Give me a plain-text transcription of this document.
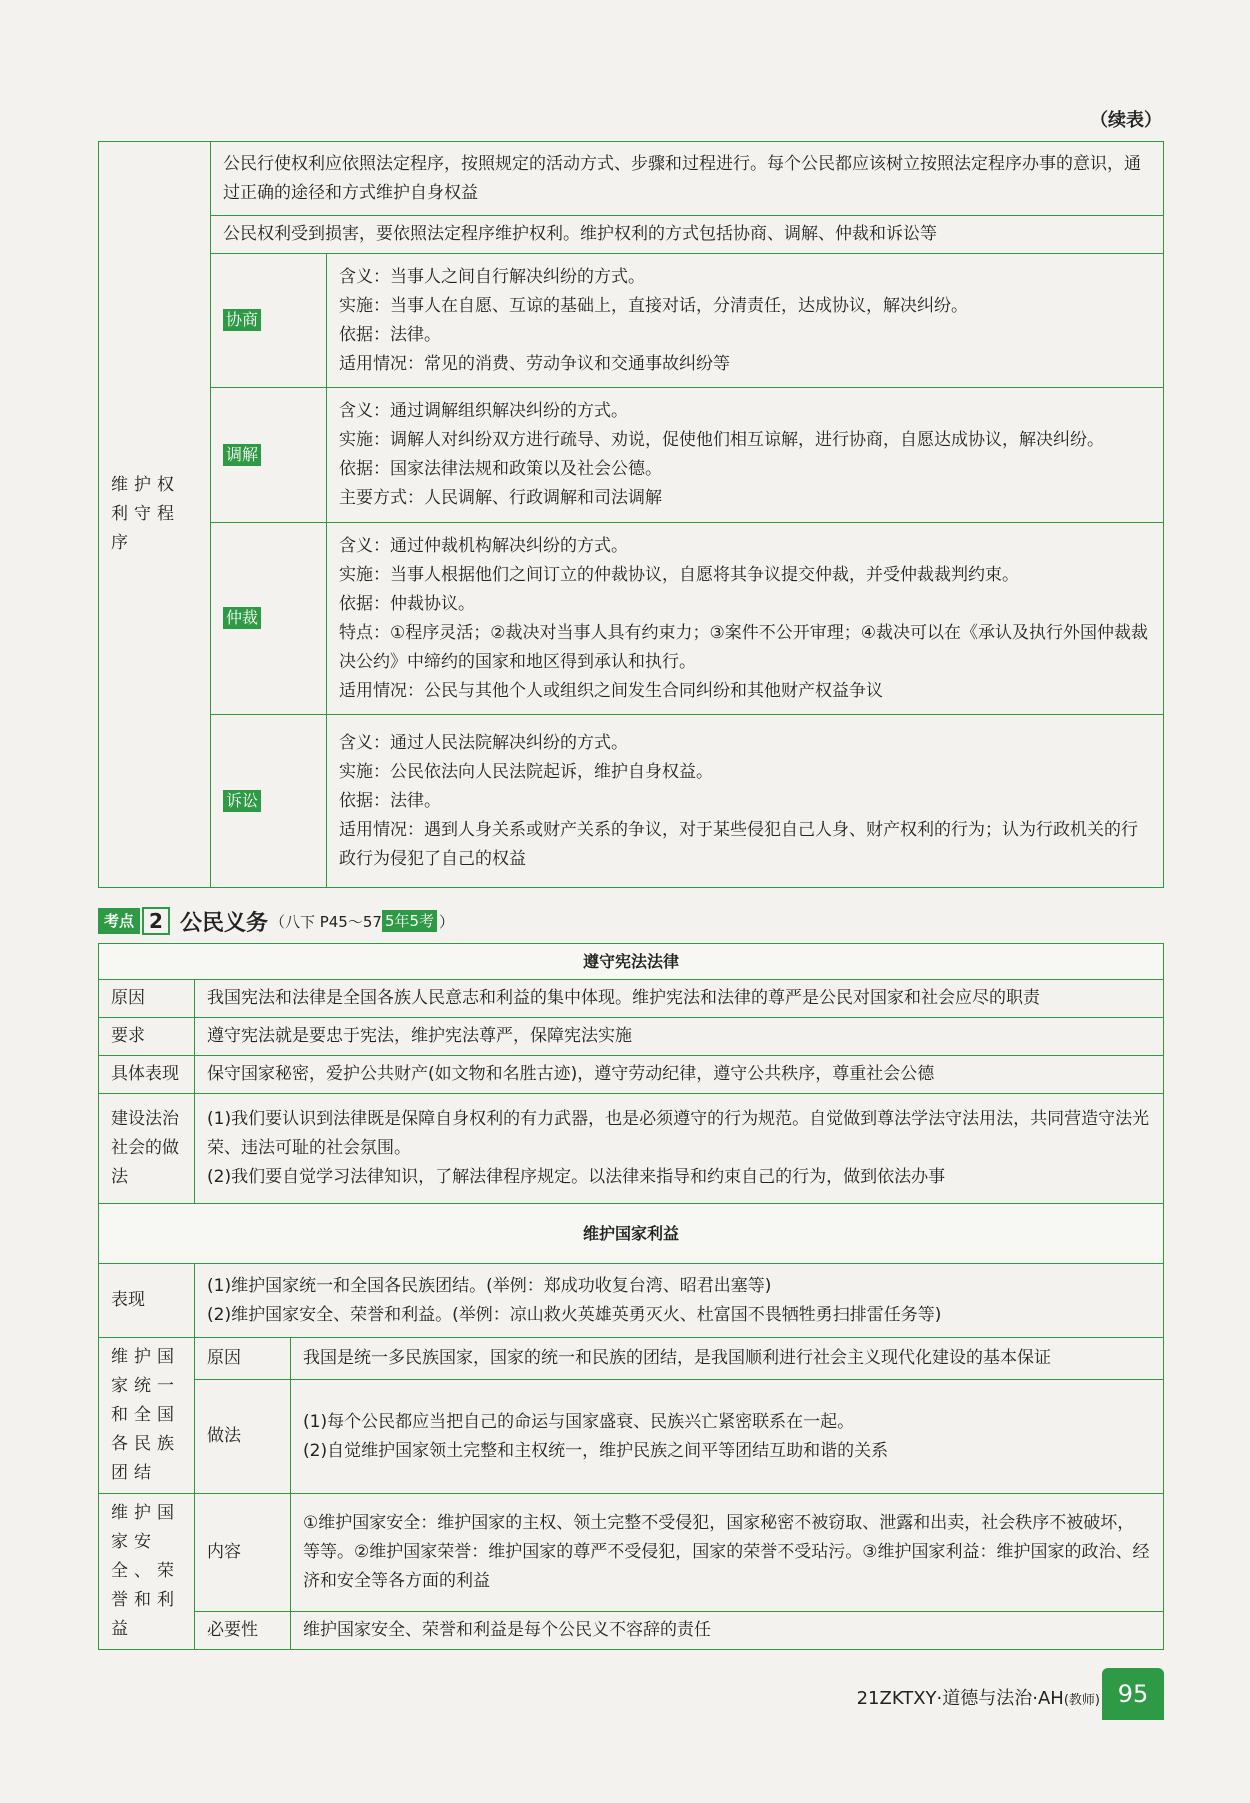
（续表）
维护权利守程序	公民行使权利应依照法定程序，按照规定的活动方式、步骤和过程进行。每个公民都应该树立按照法定程序办事的意识，通过正确的途径和方式维护自身权益	
	公民权利受到损害，要依照法定程序维护权利。维护权利的方式包括协商、调解、仲裁和诉讼等	
	协商	含义：当事人之间自行解决纠纷的方式。
实施：当事人在自愿、互谅的基础上，直接对话，分清责任，达成协议，解决纠纷。
依据：法律。
适用情况：常见的消费、劳动争议和交通事故纠纷等

	调解	含义：通过调解组织解决纠纷的方式。
实施：调解人对纠纷双方进行疏导、劝说，促使他们相互谅解，进行协商，自愿达成协议，解决纠纷。
依据：国家法律法规和政策以及社会公德。
主要方式：人民调解、行政调解和司法调解

	仲裁	含义：通过仲裁机构解决纠纷的方式。
实施：当事人根据他们之间订立的仲裁协议，自愿将其争议提交仲裁，并受仲裁裁判约束。
依据：仲裁协议。
特点：①程序灵活；②裁决对当事人具有约束力；③案件不公开审理；④裁决可以在《承认及执行外国仲裁裁决公约》中缔约的国家和地区得到承认和执行。
适用情况：公民与其他个人或组织之间发生合同纠纷和其他财产权益争议

	诉讼	含义：通过人民法院解决纠纷的方式。
实施：公民依法向人民法院起诉，维护自身权益。
依据：法律。
适用情况：遇到人身关系或财产关系的争议，对于某些侵犯自己人身、财产权利的行为；认为行政机关的行政行为侵犯了自己的权益
考点 2 公民义务 （八下 P45～57 5年5考 ）
遵守宪法法律		
原因	我国宪法和法律是全国各族人民意志和利益的集中体现。维护宪法和法律的尊严是公民对国家和社会应尽的职责	
要求	遵守宪法就是要忠于宪法，维护宪法尊严，保障宪法实施	
具体表现	保守国家秘密，爱护公共财产(如文物和名胜古迹)，遵守劳动纪律，遵守公共秩序，尊重社会公德	
建设法治社会的做法	(1)我们要认识到法律既是保障自身权利的有力武器，也是必须遵守的行为规范。自觉做到尊法学法守法用法，共同营造守法光荣、违法可耻的社会氛围。
(2)我们要自觉学习法律知识，了解法律程序规定。以法律来指导和约束自己的行为，做到依法办事	

维护国家利益		
表现	(1)维护国家统一和全国各民族团结。(举例：郑成功收复台湾、昭君出塞等)
(2)维护国家安全、荣誉和利益。(举例：凉山救火英雄英勇灭火、杜富国不畏牺牲勇扫排雷任务等)	

维护国家统一和全国各民族团结	原因	我国是统一多民族国家，国家的统一和民族的团结，是我国顺利进行社会主义现代化建设的基本保证
	做法	(1)每个公民都应当把自己的命运与国家盛衰、民族兴亡紧密联系在一起。
(2)自觉维护国家领土完整和主权统一，维护民族之间平等团结互助和谐的关系

维护国家安全、荣誉和利益	内容	①维护国家安全：维护国家的主权、领土完整不受侵犯，国家秘密不被窃取、泄露和出卖，社会秩序不被破坏，等等。②维护国家荣誉：维护国家的尊严不受侵犯，国家的荣誉不受玷污。③维护国家利益：维护国家的政治、经济和安全等各方面的利益
	必要性	维护国家安全、荣誉和利益是每个公民义不容辞的责任
21ZKTXY·道德与法治·AH(教师) 95
